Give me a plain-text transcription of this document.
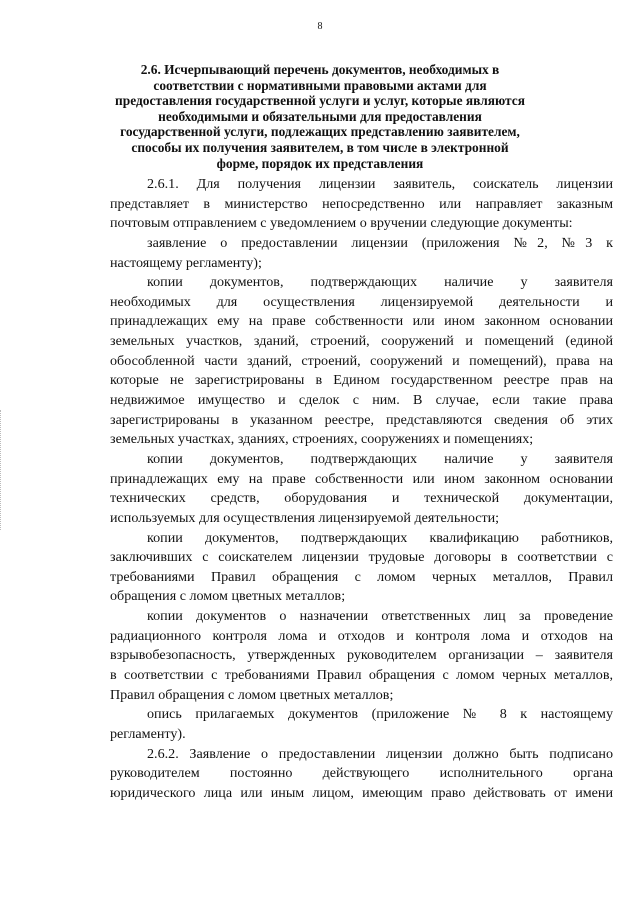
8
2.6. Исчерпывающий перечень документов, необходимых в
соответствии с нормативными правовыми актами для
предоставления государственной услуги и услуг, которые являются
необходимыми и обязательными для предоставления
государственной услуги, подлежащих представлению заявителем,
способы их получения заявителем, в том числе в электронной
форме, порядок их представления
2.6.1. Для получения лицензии заявитель, соискатель лицензии
представляет в министерство непосредственно или направляет заказным
почтовым отправлением с уведомлением о вручении следующие документы:
заявление о предоставлении лицензии (приложения №2, №3 к
настоящему регламенту);
копии документов, подтверждающих наличие у заявителя
необходимых для осуществления лицензируемой деятельности и
принадлежащих ему на праве собственности или ином законном основании
земельных участков, зданий, строений, сооружений и помещений (единой
обособленной части зданий, строений, сооружений и помещений), права на
которые не зарегистрированы в Едином государственном реестре прав на
недвижимое имущество и сделок с ним. В случае, если такие права
зарегистрированы в указанном реестре, представляются сведения об этих
земельных участках, зданиях, строениях, сооружениях и помещениях;
копии документов, подтверждающих наличие у заявителя
принадлежащих ему на праве собственности или ином законном основании
технических средств, оборудования и технической документации,
используемых для осуществления лицензируемой деятельности;
копии документов, подтверждающих квалификацию работников,
заключивших с соискателем лицензии трудовые договоры в соответствии с
требованиями Правил обращения с ломом черных металлов, Правил
обращения с ломом цветных металлов;
копии документов о назначении ответственных лиц за проведение
радиационного контроля лома и отходов и контроля лома и отходов на
взрывобезопасность, утвержденных руководителем организации – заявителя
в соответствии с требованиями Правил обращения с ломом черных металлов,
Правил обращения с ломом цветных металлов;
опись прилагаемых документов (приложение № 8 к настоящему
регламенту).
2.6.2. Заявление о предоставлении лицензии должно быть подписано
руководителем постоянно действующего исполнительного органа
юридического лица или иным лицом, имеющим право действовать от имени
